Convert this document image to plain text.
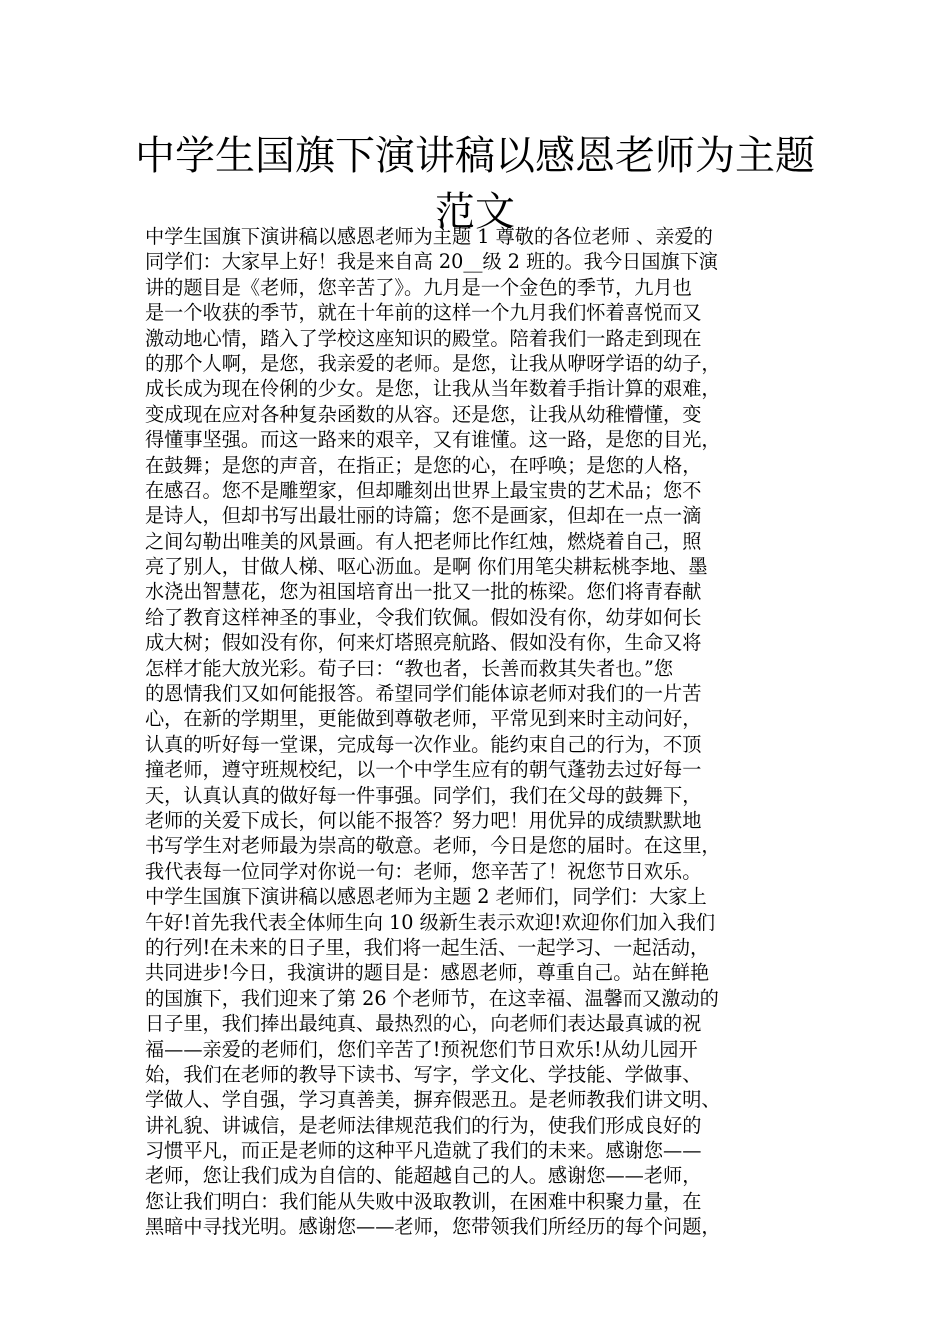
中学生国旗下演讲稿以感恩老师为主题
范文
中学生国旗下演讲稿以感恩老师为主题 1 尊敬的各位老师 、亲爱的
同学们：大家早上好！我是来自高 20__级 2 班的。我今日国旗下演
讲的题目是《老师，您辛苦了》。九月是一个金色的季节，九月也
是一个收获的季节，就在十年前的这样一个九月我们怀着喜悦而又
激动地心情，踏入了学校这座知识的殿堂。陪着我们一路走到现在
的那个人啊，是您，我亲爱的老师。是您，让我从咿呀学语的幼子，
成长成为现在伶俐的少女。是您，让我从当年数着手指计算的艰难，
变成现在应对各种复杂函数的从容。还是您，让我从幼稚懵懂，变
得懂事坚强。而这一路来的艰辛，又有谁懂。这一路，是您的目光，
在鼓舞；是您的声音，在指正；是您的心，在呼唤；是您的人格，
在感召。您不是雕塑家，但却雕刻出世界上最宝贵的艺术品；您不
是诗人，但却书写出最壮丽的诗篇；您不是画家，但却在一点一滴
之间勾勒出唯美的风景画。有人把老师比作红烛，燃烧着自己，照
亮了别人，甘做人梯、呕心沥血。是啊 你们用笔尖耕耘桃李地、墨
水浇出智慧花，您为祖国培育出一批又一批的栋梁。您们将青春献
给了教育这样神圣的事业，令我们钦佩。假如没有你，幼芽如何长
成大树；假如没有你，何来灯塔照亮航路、假如没有你，生命又将
怎样才能大放光彩。荀子曰：“教也者，长善而救其失者也。”您
的恩情我们又如何能报答。希望同学们能体谅老师对我们的一片苦
心，在新的学期里，更能做到尊敬老师，平常见到来时主动问好，
认真的听好每一堂课，完成每一次作业。能约束自己的行为，不顶
撞老师，遵守班规校纪，以一个中学生应有的朝气蓬勃去过好每一
天，认真认真的做好每一件事强。同学们，我们在父母的鼓舞下，
老师的关爱下成长，何以能不报答？努力吧！用优异的成绩默默地
书写学生对老师最为崇高的敬意。老师，今日是您的届时。在这里，
我代表每一位同学对你说一句：老师，您辛苦了！祝您节日欢乐。
中学生国旗下演讲稿以感恩老师为主题 2 老师们，同学们：大家上
午好!首先我代表全体师生向 10 级新生表示欢迎!欢迎你们加入我们
的行列!在未来的日子里，我们将一起生活、一起学习、一起活动，
共同进步!今日，我演讲的题目是：感恩老师，尊重自己。站在鲜艳
的国旗下，我们迎来了第 26 个老师节，在这幸福、温馨而又激动的
日子里，我们捧出最纯真、最热烈的心，向老师们表达最真诚的祝
福——亲爱的老师们，您们辛苦了!预祝您们节日欢乐!从幼儿园开
始，我们在老师的教导下读书、写字，学文化、学技能、学做事、
学做人、学自强，学习真善美，摒弃假恶丑。是老师教我们讲文明、
讲礼貌、讲诚信，是老师法律规范我们的行为，使我们形成良好的
习惯平凡，而正是老师的这种平凡造就了我们的未来。感谢您——
老师，您让我们成为自信的、能超越自己的人。感谢您——老师，
您让我们明白：我们能从失败中汲取教训，在困难中积聚力量，在
黑暗中寻找光明。感谢您——老师，您带领我们所经历的每个问题，
